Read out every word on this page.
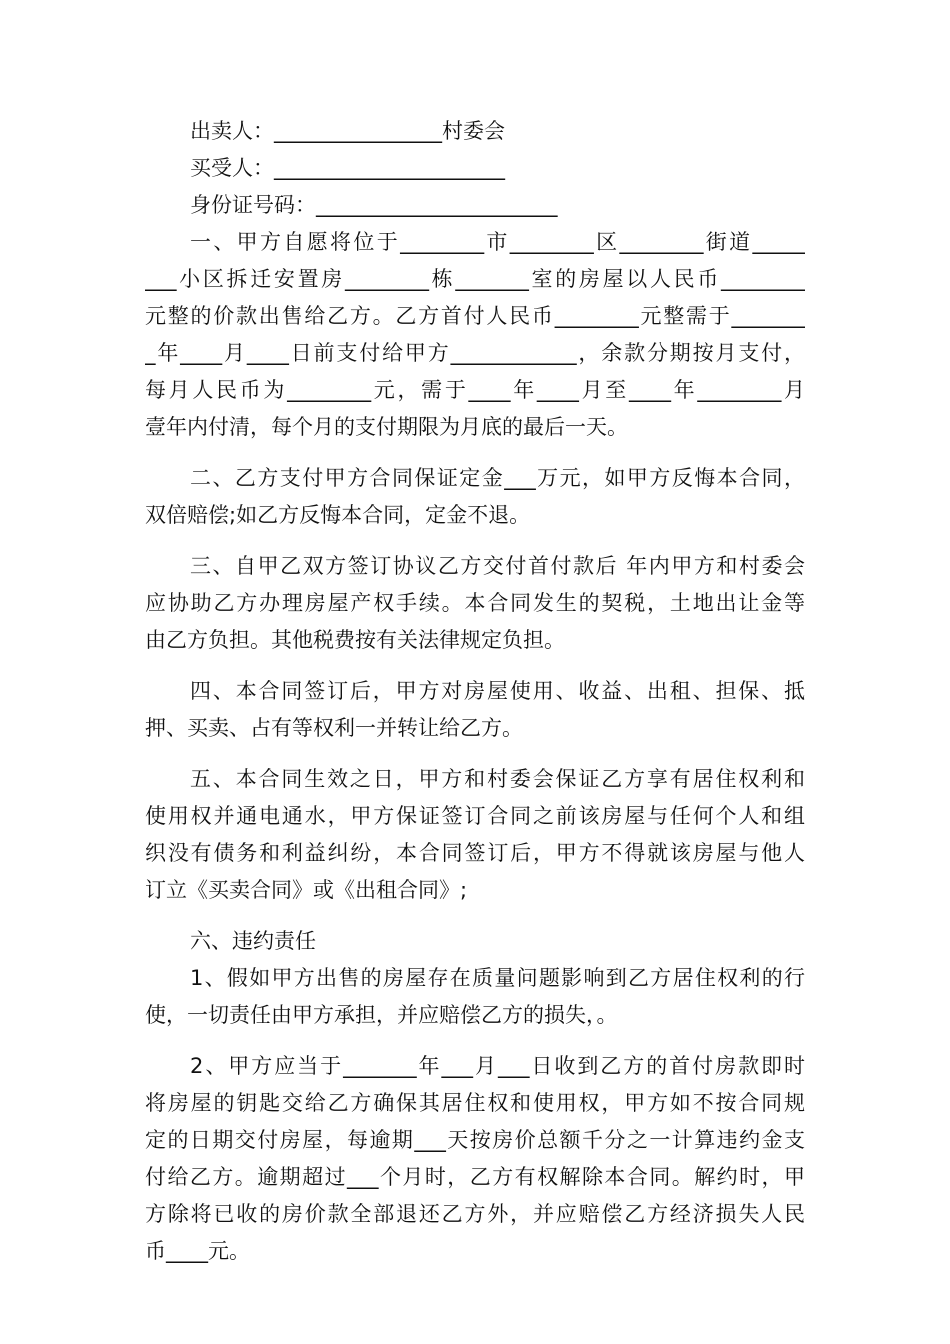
出卖人：________________村委会
买受人：______________________
身份证号码：_______________________
一、甲方自愿将位于________市________区________街道_____
___小区拆迁安置房________栋_______室的房屋以人民币________
元整的价款出售给乙方。乙方首付人民币________元整需于_______
_年____月____日前支付给甲方____________，余款分期按月支付，
每月人民币为________元，需于____年____月至____年________月
壹年内付清，每个月的支付期限为月底的最后一天。
二、乙方支付甲方合同保证定金___万元，如甲方反悔本合同，
双倍赔偿;如乙方反悔本合同，定金不退。
三、自甲乙双方签订协议乙方交付首付款后 年内甲方和村委会
应协助乙方办理房屋产权手续。本合同发生的契税，土地出让金等
由乙方负担。其他税费按有关法律规定负担。
四、本合同签订后，甲方对房屋使用、收益、出租、担保、抵
押、买卖、占有等权利一并转让给乙方。
五、本合同生效之日，甲方和村委会保证乙方享有居住权利和
使用权并通电通水，甲方保证签订合同之前该房屋与任何个人和组
织没有债务和利益纠纷，本合同签订后，甲方不得就该房屋与他人
订立《买卖合同》或《出租合同》;
六、违约责任
1、假如甲方出售的房屋存在质量问题影响到乙方居住权利的行
使，一切责任由甲方承担，并应赔偿乙方的损失，。
2、甲方应当于_______年___月___日收到乙方的首付房款即时
将房屋的钥匙交给乙方确保其居住权和使用权，甲方如不按合同规
定的日期交付房屋，每逾期___天按房价总额千分之一计算违约金支
付给乙方。逾期超过___个月时，乙方有权解除本合同。解约时，甲
方除将已收的房价款全部退还乙方外，并应赔偿乙方经济损失人民
币____元。
